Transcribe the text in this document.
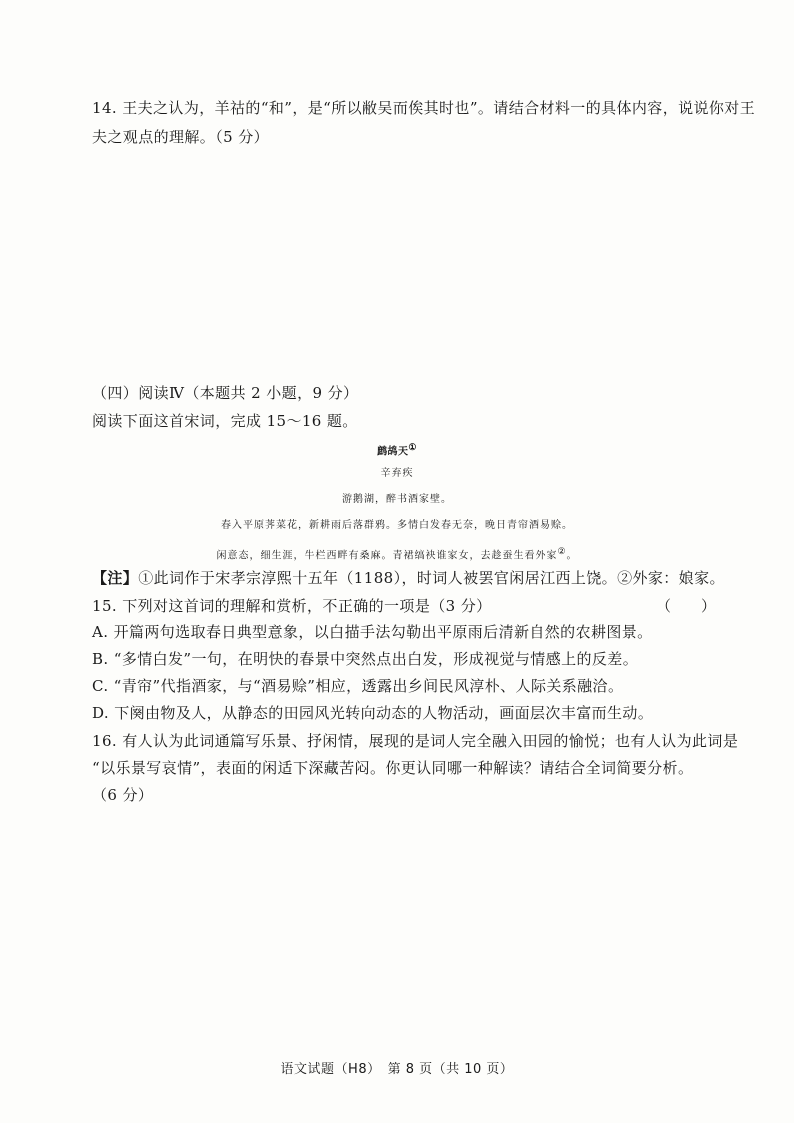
14. 王夫之认为，羊祜的“和”，是“所以敝吴而俟其时也”。请结合材料一的具体内容，说说你对王
夫之观点的理解。（5 分）
（四）阅读Ⅳ（本题共 2 小题，9 分）
阅读下面这首宋词，完成 15～16 题。
鹧鸪天①
辛弃疾
游鹅湖，醉书酒家壁。
春入平原荠菜花，新耕雨后落群鸦。多情白发春无奈，晚日青帘酒易赊。
闲意态，细生涯，牛栏西畔有桑麻。青裙缟袂谁家女，去趁蚕生看外家②。
【注】①此词作于宋孝宗淳熙十五年（1188），时词人被罢官闲居江西上饶。②外家：娘家。
15. 下列对这首词的理解和赏析，不正确的一项是（3 分）	（　　）
A. 开篇两句选取春日典型意象，以白描手法勾勒出平原雨后清新自然的农耕图景。
B. “多情白发”一句，在明快的春景中突然点出白发，形成视觉与情感上的反差。
C. “青帘”代指酒家，与“酒易赊”相应，透露出乡间民风淳朴、人际关系融洽。
D. 下阕由物及人，从静态的田园风光转向动态的人物活动，画面层次丰富而生动。
16. 有人认为此词通篇写乐景、抒闲情，展现的是词人完全融入田园的愉悦；也有人认为此词是
“以乐景写哀情”，表面的闲适下深藏苦闷。你更认同哪一种解读？请结合全词简要分析。
（6 分）
语文试题（H8）　第 8 页（共 10 页）
